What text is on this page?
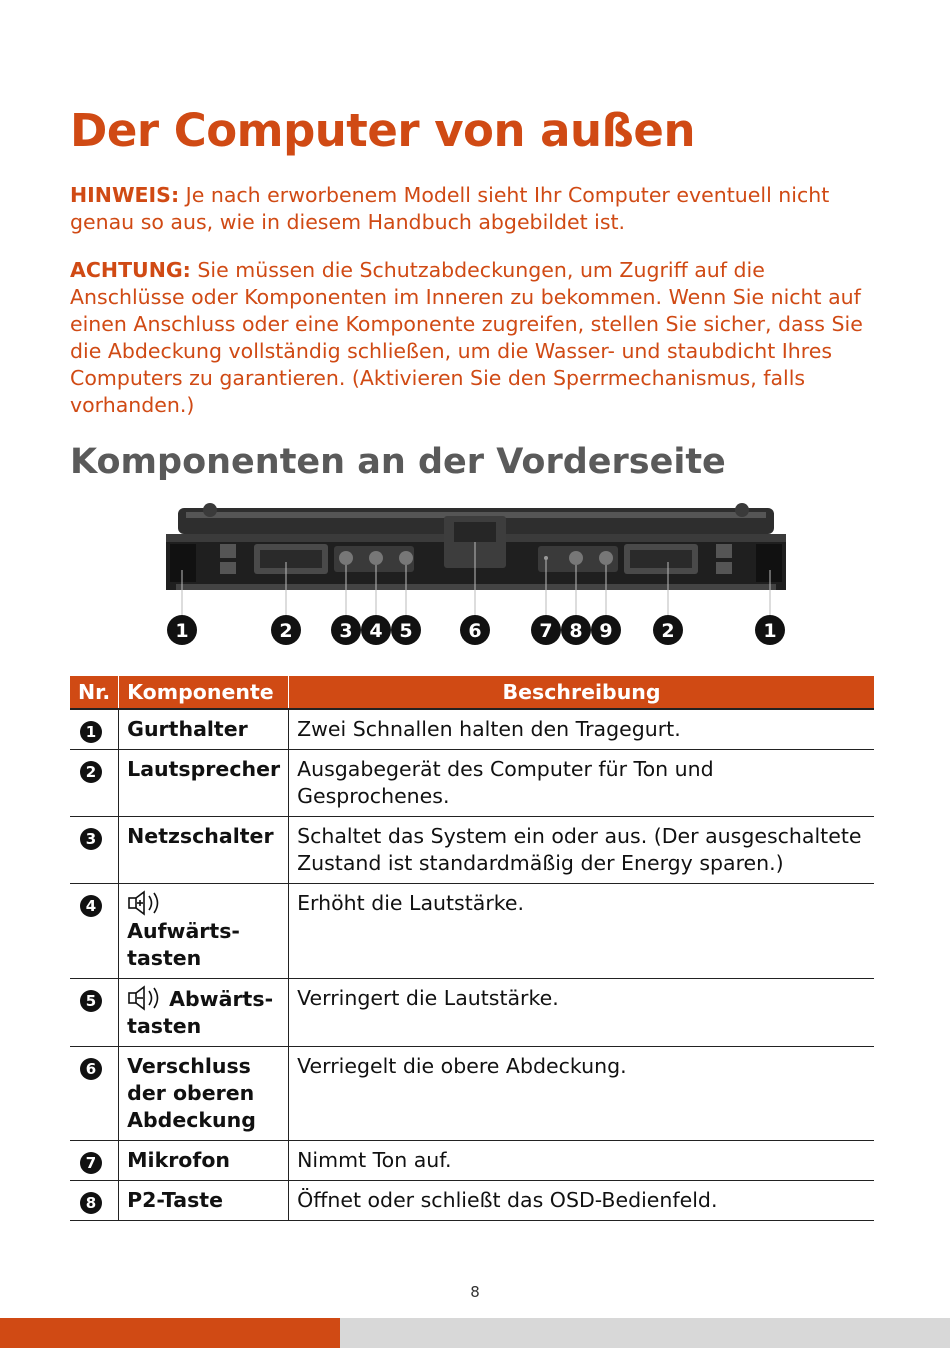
Der Computer von außen
HINWEIS: Je nach erworbenem Modell sieht Ihr Computer eventuell nicht genau so aus, wie in diesem Handbuch abgebildet ist.
ACHTUNG: Sie müssen die Schutzabdeckungen, um Zugriff auf die Anschlüsse oder Komponenten im Inneren zu bekommen. Wenn Sie nicht auf einen Anschluss oder eine Komponente zugreifen, stellen Sie sicher, dass Sie die Abdeckung vollständig schließen, um die Wasser- und staubdicht Ihres Computers zu garantieren. (Aktivieren Sie den Sperrmechanismus, falls vorhanden.)
Komponenten an der Vorderseite
1	2 3 4 5	6	7 8 9	2	1
Nr.	Komponente	Beschreibung
1	Gurthalter	Zwei Schnallen halten den Tragegurt.
2	Lautsprecher	Ausgabegerät des Computer für Ton und Gesprochenes.
3	Netzschalter	Schaltet das System ein oder aus. (Der ausgeschaltete Zustand ist standardmäßig der Energy sparen.)
4	Aufwärts-tasten	Erhöht die Lautstärke.
5	Abwärts-tasten	Verringert die Lautstärke.
6	Verschluss der oberen Abdeckung	Verriegelt die obere Abdeckung.
7	Mikrofon	Nimmt Ton auf.
8	P2-Taste	Öffnet oder schließt das OSD-Bedienfeld.
8
